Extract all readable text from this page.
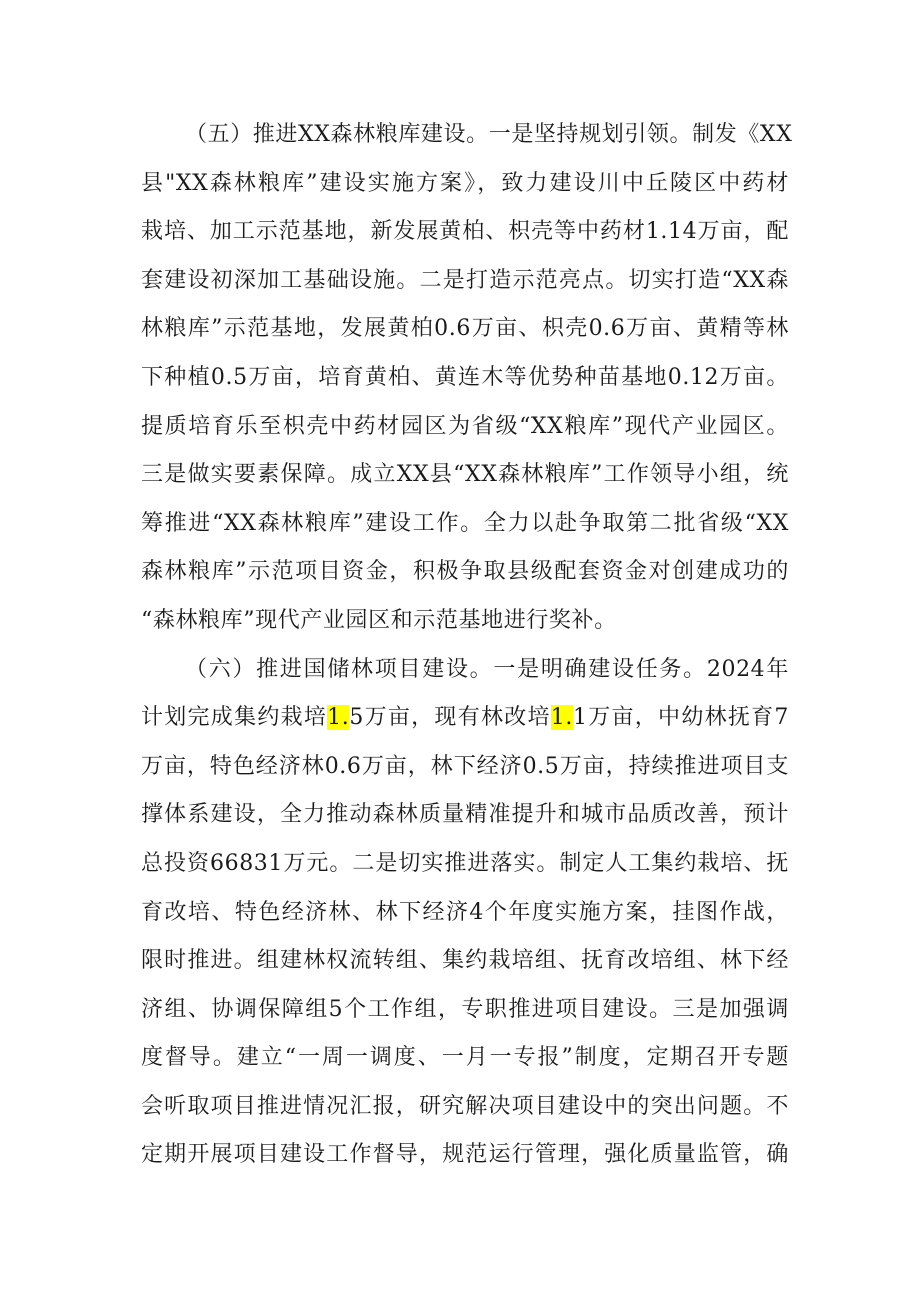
（五）推进XX森林粮库建设。一是坚持规划引领。制发《XX
县"XX森林粮库”建设实施方案》，致力建设川中丘陵区中药材
栽培、加工示范基地，新发展黄柏、枳壳等中药材1.14万亩，配
套建设初深加工基础设施。二是打造示范亮点。切实打造“XX森
林粮库”示范基地，发展黄柏0.6万亩、枳壳0.6万亩、黄精等林
下种植0.5万亩，培育黄柏、黄连木等优势种苗基地0.12万亩。
提质培育乐至枳壳中药材园区为省级“XX粮库”现代产业园区。
三是做实要素保障。成立XX县“XX森林粮库”工作领导小组，统
筹推进“XX森林粮库”建设工作。全力以赴争取第二批省级“XX
森林粮库”示范项目资金，积极争取县级配套资金对创建成功的
“森林粮库”现代产业园区和示范基地进行奖补。
（六）推进国储林项目建设。一是明确建设任务。2024年
计划完成集约栽培1.5万亩，现有林改培1.1万亩，中幼林抚育7
万亩，特色经济林0.6万亩，林下经济0.5万亩，持续推进项目支
撑体系建设，全力推动森林质量精准提升和城市品质改善，预计
总投资66831万元。二是切实推进落实。制定人工集约栽培、抚
育改培、特色经济林、林下经济4个年度实施方案，挂图作战，
限时推进。组建林权流转组、集约栽培组、抚育改培组、林下经
济组、协调保障组5个工作组，专职推进项目建设。三是加强调
度督导。建立“一周一调度、一月一专报”制度，定期召开专题
会听取项目推进情况汇报，研究解决项目建设中的突出问题。不
定期开展项目建设工作督导，规范运行管理，强化质量监管，确
